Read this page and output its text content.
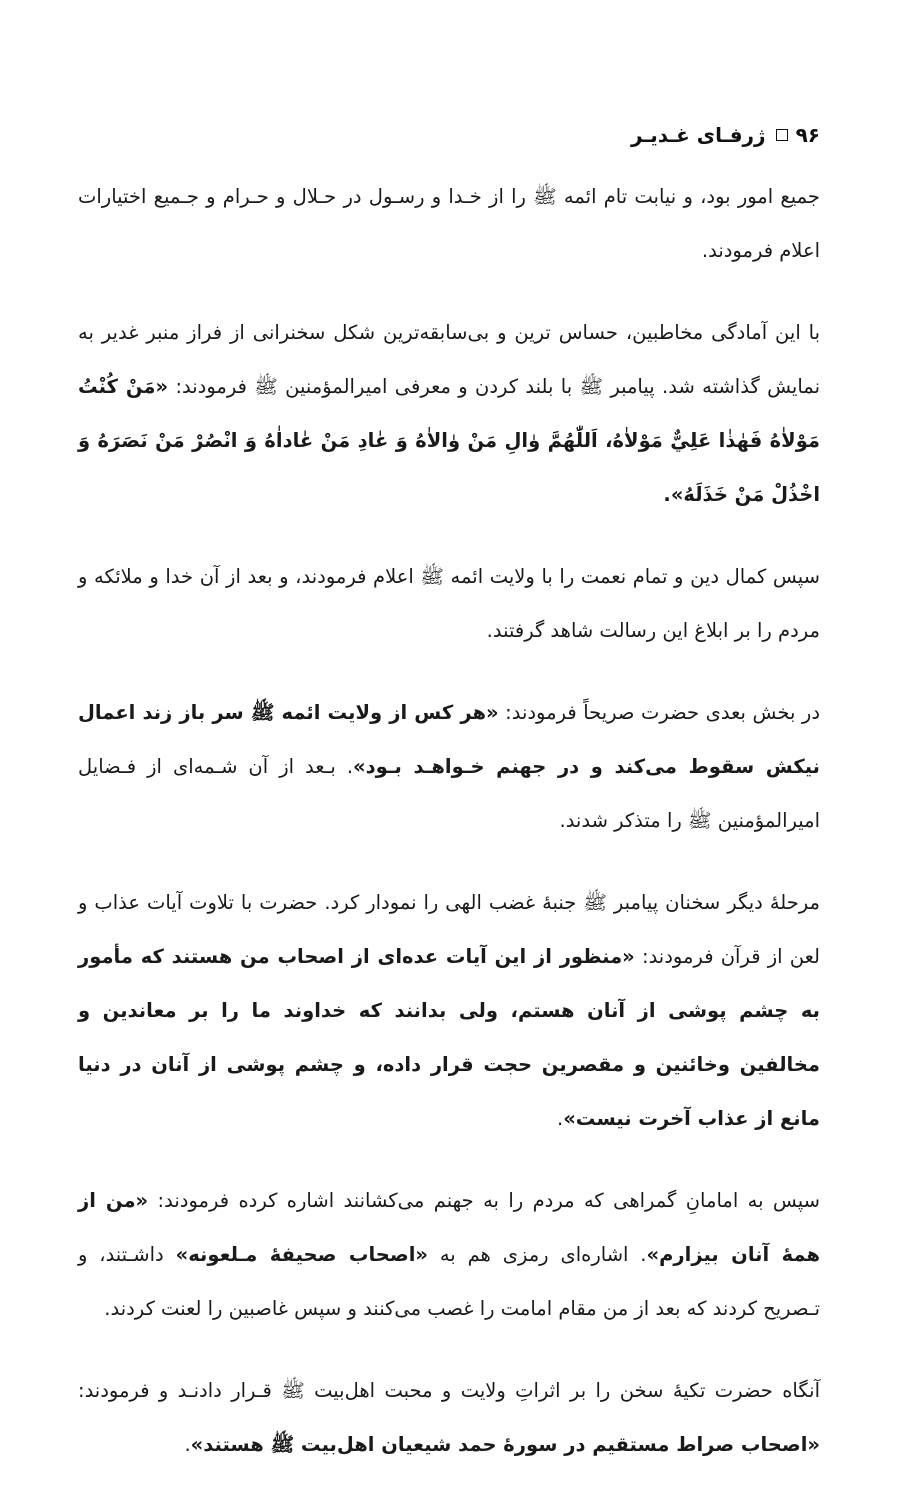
۹۶
ژرفـای غـدیـر

جمیع امور بود، و نیابت تام ائمه ﷺ را از خـدا و رسـول در حـلال و حـرام و جـمیع اختیارات اعلام فرمودند.

با این آمادگی مخاطبین، حساس ترین و بی‌سابقه‌ترین شکل سخنرانی از فراز منبر غدیر به نمایش گذاشته شد. پیامبر ﷺ با بلند کردن و معرفی امیرالمؤمنین ﷺ فرمودند: «مَنْ كُنْتُ مَوْلاٰهُ فَهٰذٰا عَلِيٌّ مَوْلاٰهُ، اَللّٰهُمَّ وٰالِ مَنْ وٰالاٰهُ وَ عٰادِ مَنْ عٰاداٰهُ وَ انْصُرْ مَنْ نَصَرَهُ وَ اخْذُلْ مَنْ خَذَلَهُ».

سپس کمال دین و تمام نعمت را با ولایت ائمه ﷺ اعلام فرمودند، و بعد از آن خدا و ملائکه و مردم را بر ابلاغ این رسالت شاهد گرفتند.

در بخش بعدی حضرت صریحاً فرمودند: «هر کس از ولایت ائمه ﷺ سر باز زند اعمال نیکش سقوط می‌کند و در جهنم خـواهـد بـود». بـعد از آن شـمه‌ای از فـضایل امیرالمؤمنین ﷺ را متذکر شدند.

مرحلهٔ دیگر سخنان پیامبر ﷺ جنبهٔ غضب الهی را نمودار کرد. حضرت با تلاوت آیات عذاب و لعن از قرآن فرمودند: «منظور از این آیات عده‌ای از اصحاب من هستند که مأمور به چشم پوشی از آنان هستم، ولی بدانند که خداوند ما را بر معاندین و مخالفین وخائنین و مقصرین حجت قرار داده، و چشم پوشی از آنان در دنیا مانع از عذاب آخرت نیست».

سپس به امامانِ گمراهی که مردم را به جهنم می‌کشانند اشاره کرده فرمودند: «من از همهٔ آنان بیزارم». اشاره‌ای رمزی هم به «اصحاب صحیفهٔ مـلعونه» داشـتند، و تـصریح کردند که بعد از من مقام امامت را غصب می‌کنند و سپس غاصبین را لعنت کردند.

آنگاه حضرت تکیهٔ سخن را بر اثراتِ ولایت و محبت اهل‌بیت ﷺ قـرار دادنـد و فرمودند: «اصحاب صراط مستقیم در سورهٔ حمد شیعیان اهل‌بیت ﷺ هستند».
